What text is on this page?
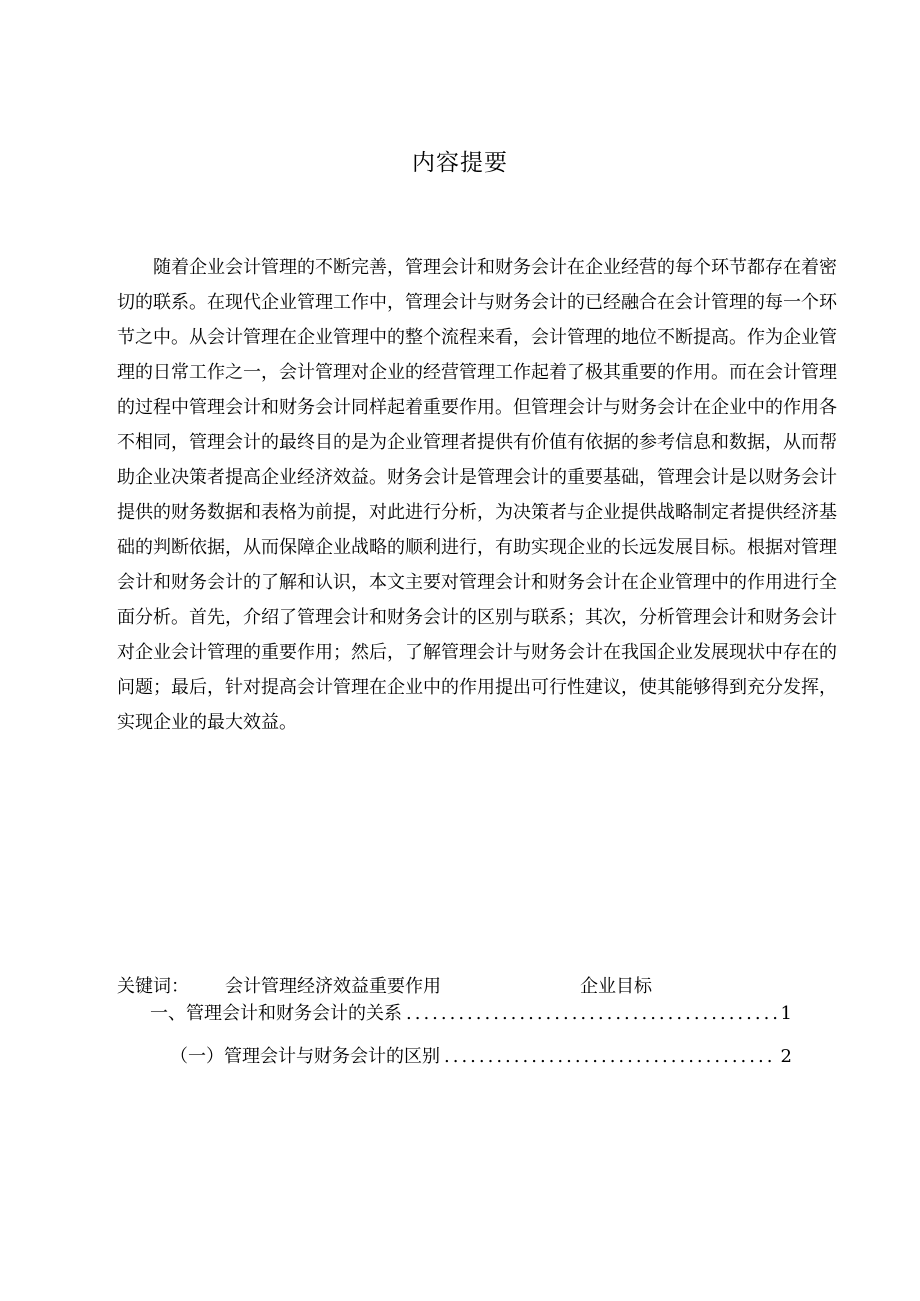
内容提要

随着企业会计管理的不断完善，管理会计和财务会计在企业经营的每个环节都存在着密切的联系。在现代企业管理工作中，管理会计与财务会计的已经融合在会计管理的每一个环节之中。从会计管理在企业管理中的整个流程来看，会计管理的地位不断提高。作为企业管理的日常工作之一，会计管理对企业的经营管理工作起着了极其重要的作用。而在会计管理的过程中管理会计和财务会计同样起着重要作用。但管理会计与财务会计在企业中的作用各不相同，管理会计的最终目的是为企业管理者提供有价值有依据的参考信息和数据，从而帮助企业决策者提高企业经济效益。财务会计是管理会计的重要基础，管理会计是以财务会计提供的财务数据和表格为前提，对此进行分析，为决策者与企业提供战略制定者提供经济基础的判断依据，从而保障企业战略的顺利进行，有助实现企业的长远发展目标。根据对管理会计和财务会计的了解和认识，本文主要对管理会计和财务会计在企业管理中的作用进行全面分析。首先，介绍了管理会计和财务会计的区别与联系；其次，分析管理会计和财务会计对企业会计管理的重要作用；然后，了解管理会计与财务会计在我国企业发展现状中存在的问题；最后，针对提高会计管理在企业中的作用提出可行性建议，使其能够得到充分发挥，实现企业的最大效益。

关键词： 会计管理经济效益重要作用	企业目标
一、管理会计和财务会计的关系 .....	1
（一）管理会计与财务会计的区别 .....	2
